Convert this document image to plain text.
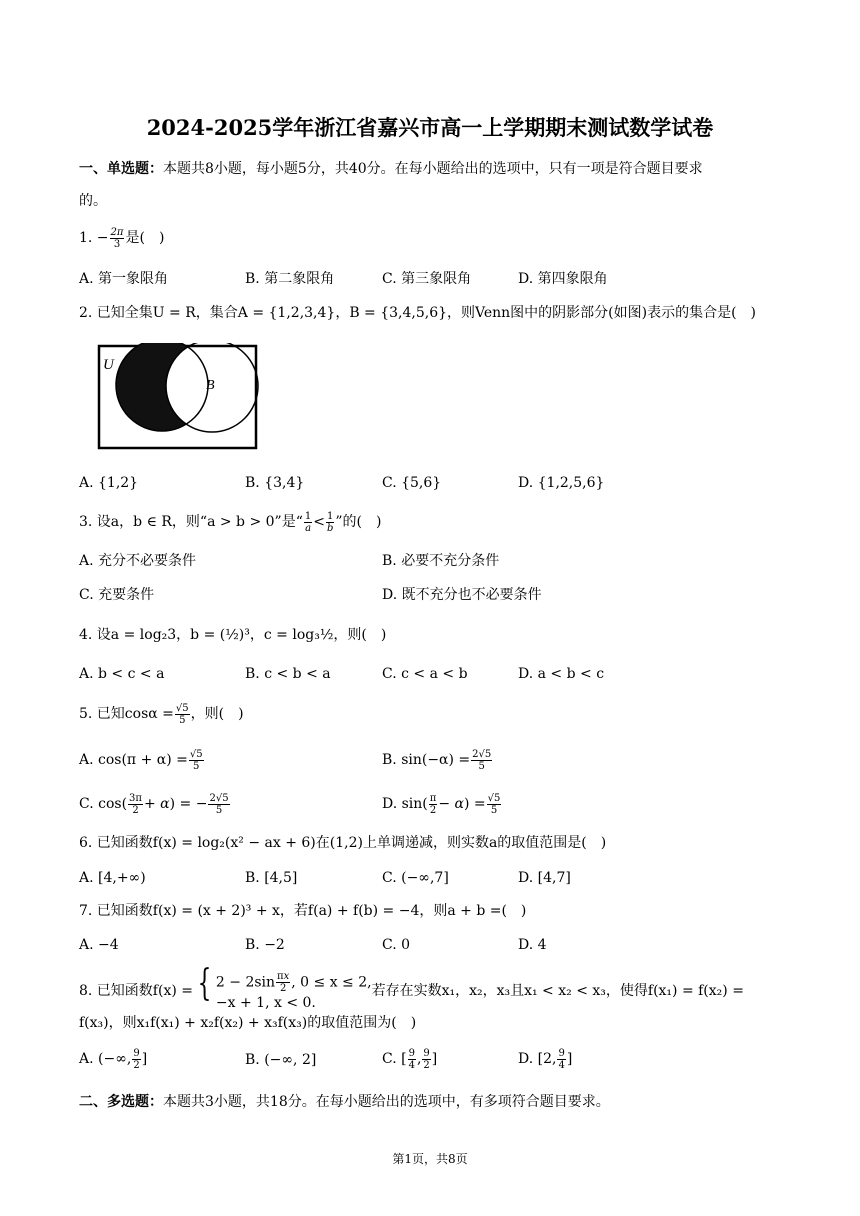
2024-2025学年浙江省嘉兴市高一上学期期末测试数学试卷
一、单选题：本题共8小题，每小题5分，共40分。在每小题给出的选项中，只有一项是符合题目要求
的。
1. − $\frac{2\pi}{3}$ 是(　)
A. 第一象限角	B. 第二象限角	C. 第三象限角	D. 第四象限角
2. 已知全集U = R，集合A = {1,2,3,4}，B = {3,4,5,6}，则Venn图中的阴影部分(如图)表示的集合是(　)
U
B
A. {1,2}	B. {3,4}	C. {5,6}	D. {1,2,5,6}
3. 设a，b ∈ R，则“a > b > 0”是“ $\frac{1}{a} < \frac{1}{b}$ ”的(　)
A. 充分不必要条件	B. 必要不充分条件
C. 充要条件	D. 既不充分也不必要条件
4. 设a = log₂3，b = (½)³，c = log₃½，则(　)
A. b < c < a	B. c < b < a	C. c < a < b	D. a < b < c
5. 已知$\cos\alpha = \frac{√5}{5}$ ，则(　)
A. $\cos(\pi + \alpha) = \frac{√5}{5}$	B. $\sin(-\alpha) = \frac{2√5}{5}$
C. $\cos( \frac{3\pi}{2} + \alpha)$ = − $\frac{2√5}{5}$	D. $\sin( \frac{\pi}{2} - \alpha) = \frac{√5}{5}$
6. 已知函数f(x) = log₂(x² − ax + 6)在(1,2)上单调递减，则实数a的取值范围是(　)
A. [4,+∞)	B. [4,5]	C. (−∞,7]	D. [4,7]
7. 已知函数f(x) = (x + 2)³ + x，若f(a) + f(b) = −4，则a + b =(　)
A. −4	B. −2	C. 0	D. 4
8. 已知函数f(x) = { $2 - 2\sin \frac{\pi x}{2}$ , 0 ≤ x ≤ 2,
−x + 1, x < 0.
若存在实数x₁，x₂，x₃且x₁ < x₂ < x₃，使得f(x₁) = f(x₂) =
f(x₃)，则x₁f(x₁) + x₂f(x₂) + x₃f(x₃)的取值范围为(　)
A. (−∞, $\frac{9}{2}$ ]	B. (−∞, 2]	C. [ $\frac{9}{4}$ , $\frac{9}{2}$ ]	D. [2, $\frac{9}{4}$ ]
二、多选题：本题共3小题，共18分。在每小题给出的选项中，有多项符合题目要求。
第1页，共8页
